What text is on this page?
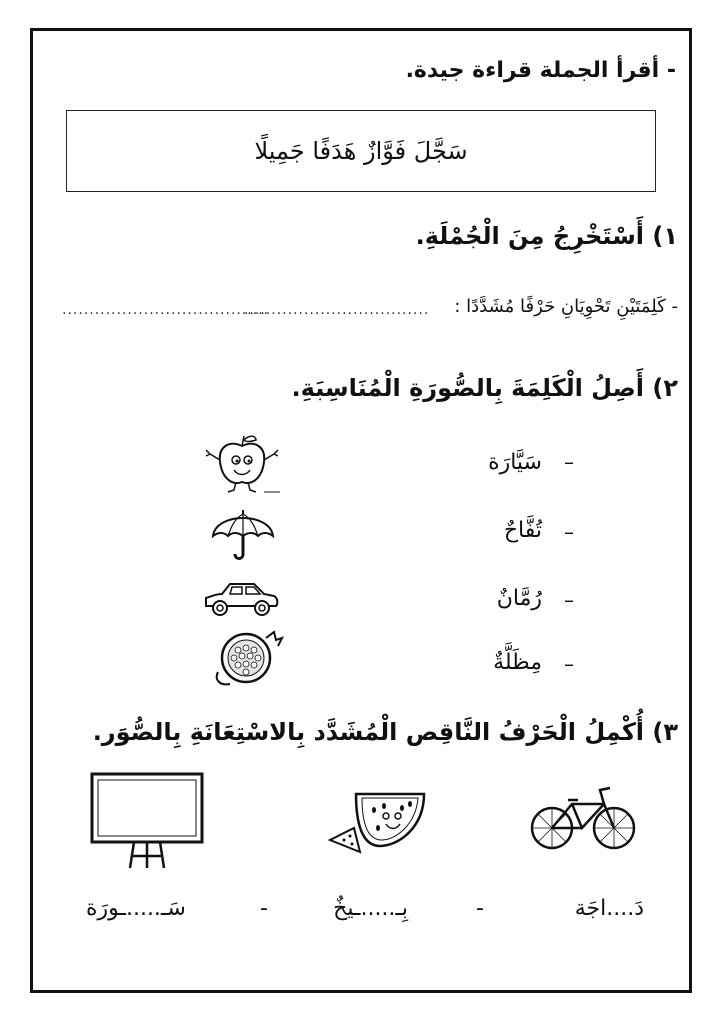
- أقرأ الجملة قراءة جيدة.
سَجَّلَ فَوَّازٌ هَدَفًا جَمِيلًا
١) أَسْتَخْرِجُ مِنَ الْجُمْلَةِ.
- كَلِمَتَيْنِ تَحْوِيَانِ حَرْفًا مُشَدَّدًا :
..................................
......................................
٢) أَصِلُ الْكَلِمَةَ بِالصُّورَةِ الْمُنَاسِبَةِ.
–
سَيَّارَة
–
تُفَّاحٌ
–
رُمَّانٌ
–
مِظَلَّةٌ
٣) أُكْمِلُ الْحَرْفُ النَّاقِص الْمُشَدَّد بِالاسْتِعَانَةِ بِالصُّوَر.
دَ....اجَة
-
بِـ.....ـيخٌ
-
سَـ.....ـورَة
